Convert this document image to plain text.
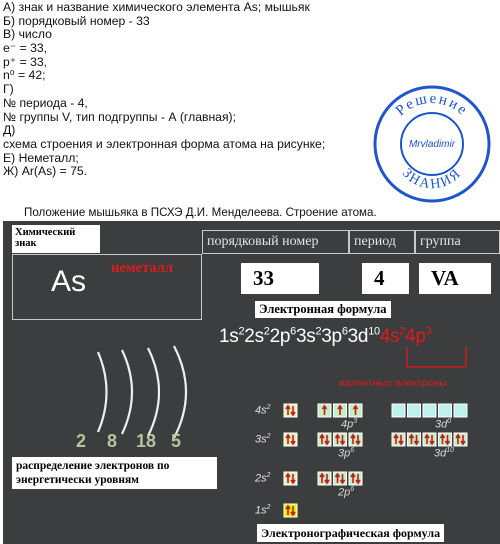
А) знак и название химического элемента As; мышьяк
Б) порядковый номер - 33
В) число
e⁻ = 33,
p⁺ = 33,
n⁰ = 42;
Г)
№ периода - 4,
№ группы V, тип подгруппы - А (главная);
Д)
схема строения и электронная форма атома на рисунке;
Е) Неметалл;
Ж) Ar(As) = 75.
Решение
ЗНАНИЯ
Mrvladimir
Положение мышьяка в ПСХЭ Д.И. Менделеева. Строение атома.
Химический знак	порядковый номер	период	группа
As неметалл	33	4	VA
Электронная формула
$1s^22s^22p^63s^23p^63d^{10}4s^24p^3$
валентные электроны
2 8 18 5
распределение электронов по энергетически уровням
$4s^2$
$3s^2$
$2s^2$
$1s^2$
$4p^3$	$3d^0$
$3p^6$	$3d^{10}$
$2p^6$
Электронографическая формула
